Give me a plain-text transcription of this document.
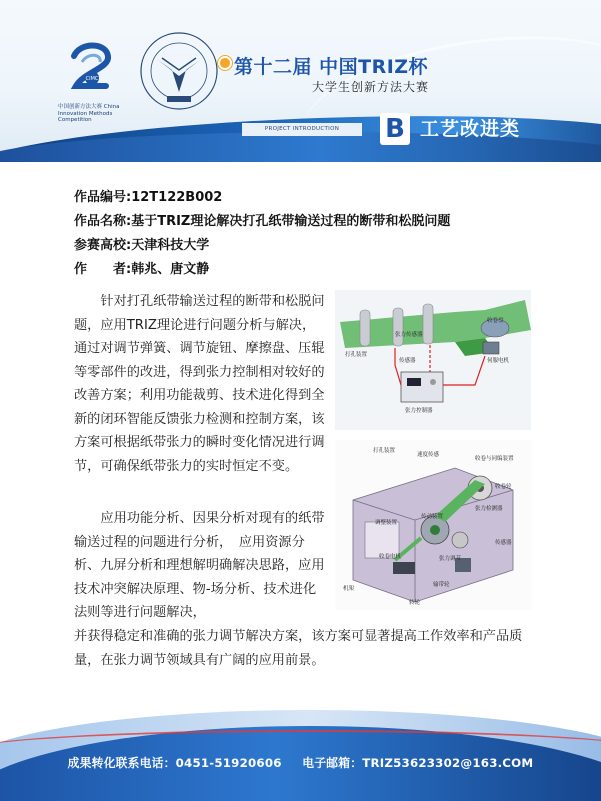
CIMC
中国创新方法大赛 China Innovation Methods Competition
第十二届 中国TRIZ杯
大学生创新方法大赛
PROJECT INTRODUCTION	B 工艺改进类
作品编号:12T122B002
作品名称:基于TRIZ理论解决打孔纸带输送过程的断带和松脱问题
参赛高校:天津科技大学
作　　者:韩兆、唐文静
针对打孔纸带输送过程的断带和松脱问题，应用TRIZ理论进行问题分析与解决，通过对调节弹簧、调节旋钮、摩擦盘、压辊等零部件的改进，得到张力控制相对较好的改善方案；利用功能裁剪、技术进化得到全新的闭环智能反馈张力检测和控制方案，该方案可根据纸带张力的瞬时变化情况进行调节，可确保纸带张力的实时恒定不变。
应用功能分析、因果分析对现有的纸带输送过程的问题进行分析，　应用资源分析、九屏分析和理想解明确解决思路，应用技术冲突解决原理、物-场分析、技术进化法则等进行问题解决，
并获得稳定和准确的张力调节解决方案，该方案可显著提高工作效率和产品质量，在张力调节领域具有广阔的应用前景。
张力传感器
收卷盘
打孔装置
传感器	伺服电机
张力控制器
打孔装置
收卷与同编装置
收卷轮
张力检测器
传感器
传动装置
调整装置
速度传感
张力调节
收卷电机
机架
输带轮
转轮
成果转化联系电话：0451-51920606 电子邮箱：TRIZ53623302@163.COM
